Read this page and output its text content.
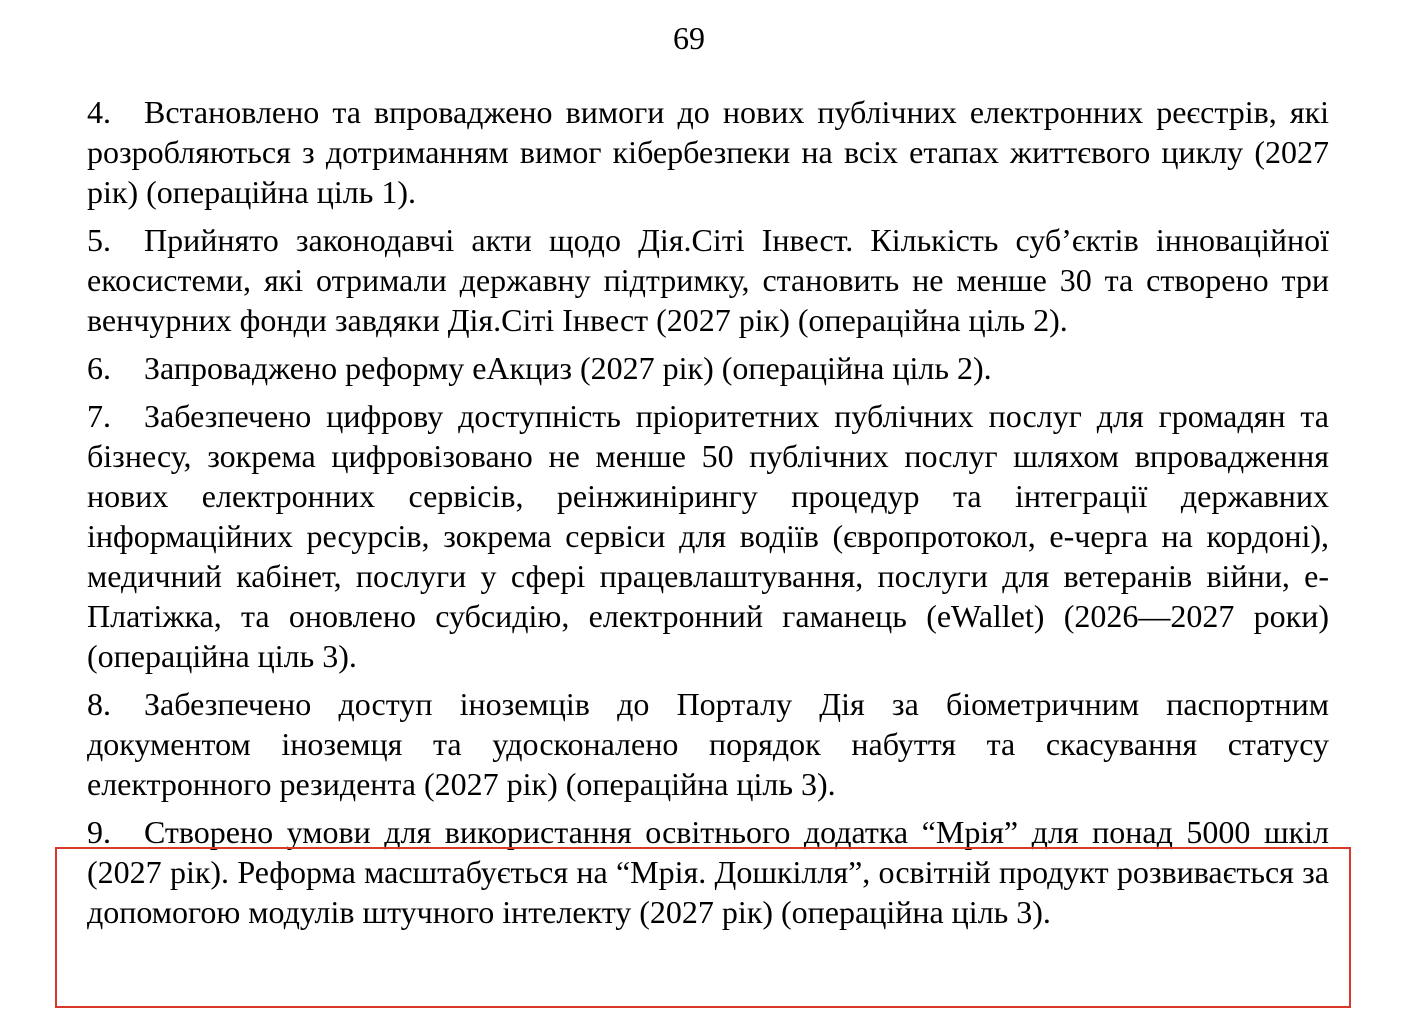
69

4. Встановлено та впроваджено вимоги до нових публічних електронних реєстрів, які розробляються з дотриманням вимог кібербезпеки на всіх етапах життєвого циклу (2027 рік) (операційна ціль 1).

5. Прийнято законодавчі акти щодо Дія.Сіті Інвест. Кількість суб’єктів інноваційної екосистеми, які отримали державну підтримку, становить не менше 30 та створено три венчурних фонди завдяки Дія.Сіті Інвест (2027 рік) (операційна ціль 2).

6. Запроваджено реформу еАкциз (2027 рік) (операційна ціль 2).

7. Забезпечено цифрову доступність пріоритетних публічних послуг для громадян та бізнесу, зокрема цифровізовано не менше 50 публічних послуг шляхом впровадження нових електронних сервісів, реінжинірингу процедур та інтеграції державних інформаційних ресурсів, зокрема сервіси для водіїв (європротокол, е-черга на кордоні), медичний кабінет, послуги у сфері працевлаштування, послуги для ветеранів війни, е-Платіжка, та оновлено субсидію, електронний гаманець (eWallet) (2026—2027 роки) (операційна ціль 3).

8. Забезпечено доступ іноземців до Порталу Дія за біометричним паспортним документом іноземця та удосконалено порядок набуття та скасування статусу електронного резидента (2027 рік) (операційна ціль 3).

9. Створено умови для використання освітнього додатка “Мрія” для понад 5000 шкіл (2027 рік). Реформа масштабується на “Мрія. Дошкілля”, освітній продукт розвивається за допомогою модулів штучного інтелекту (2027 рік) (операційна ціль 3).
